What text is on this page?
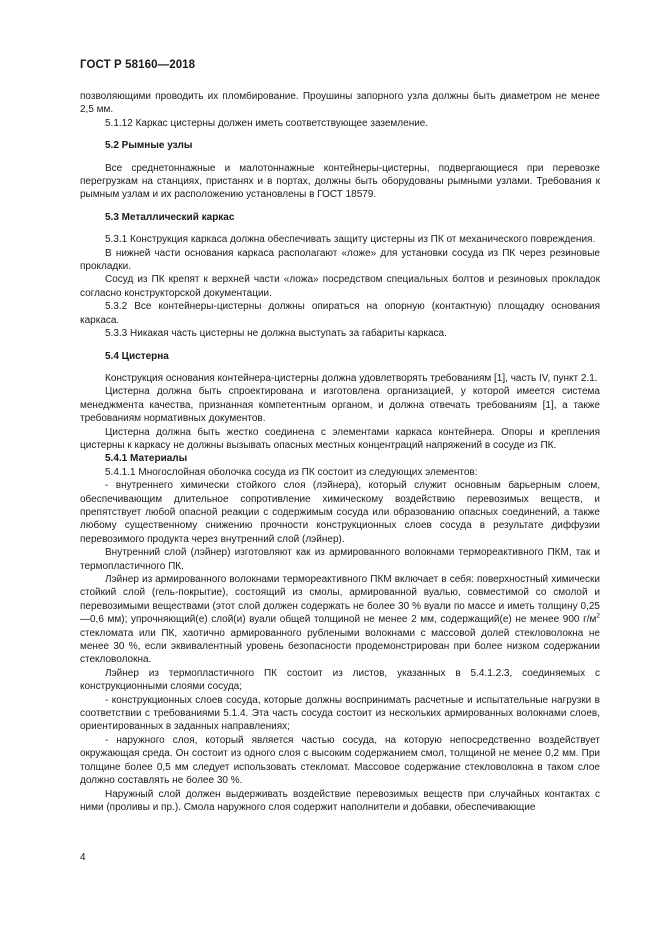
ГОСТ Р 58160—2018

позволяющими проводить их пломбирование. Проушины запорного узла должны быть диаметром не менее 2,5 мм.

5.1.12 Каркас цистерны должен иметь соответствующее заземление.

5.2 Рымные узлы

Все среднетоннажные и малотоннажные контейнеры-цистерны, подвергающиеся при перевозке перегрузкам на станциях, пристанях и в портах, должны быть оборудованы рымными узлами. Требования к рымным узлам и их расположению установлены в ГОСТ 18579.

5.3 Металлический каркас

5.3.1 Конструкция каркаса должна обеспечивать защиту цистерны из ПК от механического повреждения.

В нижней части основания каркаса располагают «ложе» для установки сосуда из ПК через резиновые прокладки.

Сосуд из ПК крепят к верхней части «ложа» посредством специальных болтов и резиновых прокладок согласно конструкторской документации.

5.3.2 Все контейнеры-цистерны должны опираться на опорную (контактную) площадку основания каркаса.

5.3.3 Никакая часть цистерны не должна выступать за габариты каркаса.

5.4 Цистерна

Конструкция основания контейнера-цистерны должна удовлетворять требованиям [1], часть IV, пункт 2.1.

Цистерна должна быть спроектирована и изготовлена организацией, у которой имеется система менеджмента качества, признанная компетентным органом, и должна отвечать требованиям [1], а также требованиям нормативных документов.

Цистерна должна быть жестко соединена с элементами каркаса контейнера. Опоры и крепления цистерны к каркасу не должны вызывать опасных местных концентраций напряжений в сосуде из ПК.

5.4.1 Материалы

5.4.1.1 Многослойная оболочка сосуда из ПК состоит из следующих элементов:

- внутреннего химически стойкого слоя (лэйнера), который служит основным барьерным слоем, обеспечивающим длительное сопротивление химическому воздействию перевозимых веществ, и препятствует любой опасной реакции с содержимым сосуда или образованию опасных соединений, а также любому существенному снижению прочности конструкционных слоев сосуда в результате диффузии перевозимого продукта через внутренний слой (лэйнер).

Внутренний слой (лэйнер) изготовляют как из армированного волокнами термореактивного ПКМ, так и термопластичного ПК.

Лэйнер из армированного волокнами термореактивного ПКМ включает в себя: поверхностный химически стойкий слой (гель-покрытие), состоящий из смолы, армированной вуалью, совместимой со смолой и перевозимыми веществами (этот слой должен содержать не более 30 % вуали по массе и иметь толщину 0,25—0,6 мм); упрочняющий(е) слой(и) вуали общей толщиной не менее 2 мм, содержащий(е) не менее 900 $г/м^2$ стекломата или ПК, хаотично армированного рублеными волокнами с массовой долей стекловолокна не менее 30 %, если эквивалентный уровень безопасности продемонстрирован при более низком содержании стекловолокна.

Лэйнер из термопластичного ПК состоит из листов, указанных в 5.4.1.2.3, соединяемых с конструкционными слоями сосуда;

- конструкционных слоев сосуда, которые должны воспринимать расчетные и испытательные нагрузки в соответствии с требованиями 5.1.4. Эта часть сосуда состоит из нескольких армированных волокнами слоев, ориентированных в заданных направлениях;

- наружного слоя, который является частью сосуда, на которую непосредственно воздействует окружающая среда. Он состоит из одного слоя с высоким содержанием смол, толщиной не менее 0,2 мм. При толщине более 0,5 мм следует использовать стекломат. Массовое содержание стекловолокна в таком слое должно составлять не более 30 %.

Наружный слой должен выдерживать воздействие перевозимых веществ при случайных контактах с ними (проливы и пр.). Смола наружного слоя содержит наполнители и добавки, обеспечивающие

4
